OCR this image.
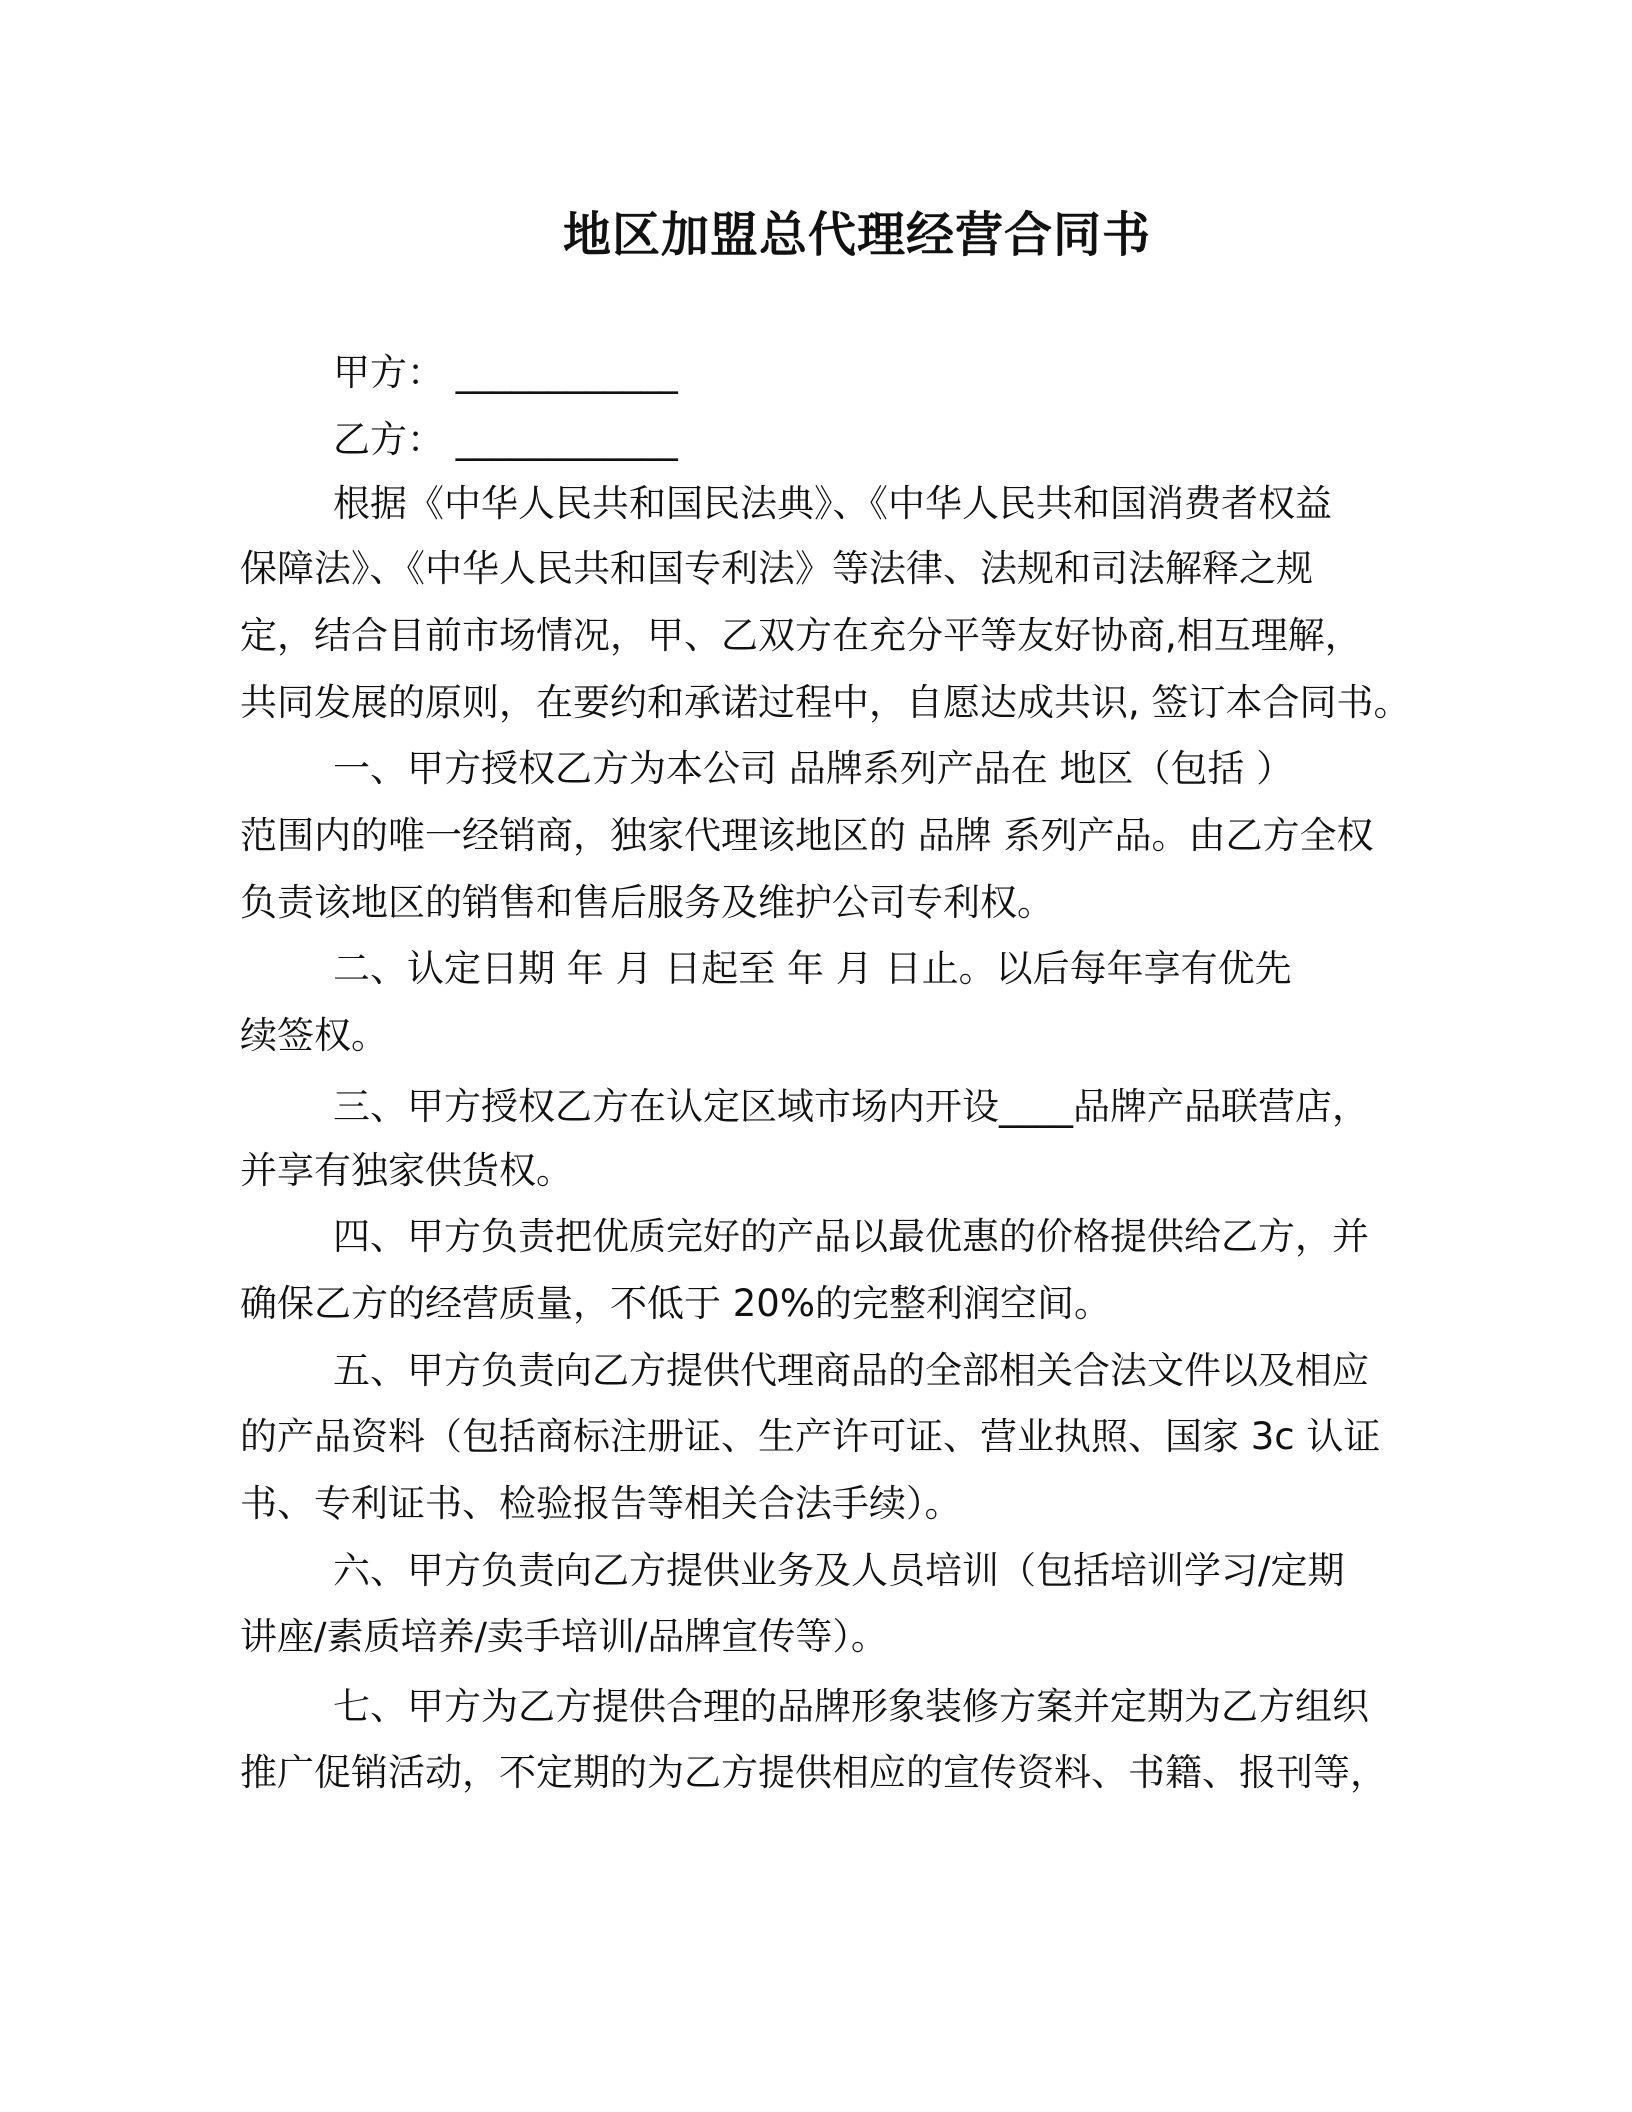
地区加盟总代理经营合同书
甲方： ____________
乙方： ____________
根据《中华人民共和国民法典》、《中华人民共和国消费者权益
保障法》、《中华人民共和国专利法》等法律、法规和司法解释之规
定，结合目前市场情况，甲、乙双方在充分平等友好协商,相互理解，
共同发展的原则，在要约和承诺过程中，自愿达成共识, 签订本合同书。
一、甲方授权乙方为本公司 品牌系列产品在 地区（包括 ）
范围内的唯一经销商，独家代理该地区的 品牌 系列产品。由乙方全权
负责该地区的销售和售后服务及维护公司专利权。
二、认定日期 年 月 日起至 年 月 日止。以后每年享有优先
续签权。
三、甲方授权乙方在认定区域市场内开设____品牌产品联营店，
并享有独家供货权。
四、甲方负责把优质完好的产品以最优惠的价格提供给乙方，并
确保乙方的经营质量，不低于 20%的完整利润空间。
五、甲方负责向乙方提供代理商品的全部相关合法文件以及相应
的产品资料（包括商标注册证、生产许可证、营业执照、国家 3c 认证
书、专利证书、检验报告等相关合法手续）。
六、甲方负责向乙方提供业务及人员培训（包括培训学习/定期
讲座/素质培养/卖手培训/品牌宣传等）。
七、甲方为乙方提供合理的品牌形象装修方案并定期为乙方组织
推广促销活动，不定期的为乙方提供相应的宣传资料、书籍、报刊等，
